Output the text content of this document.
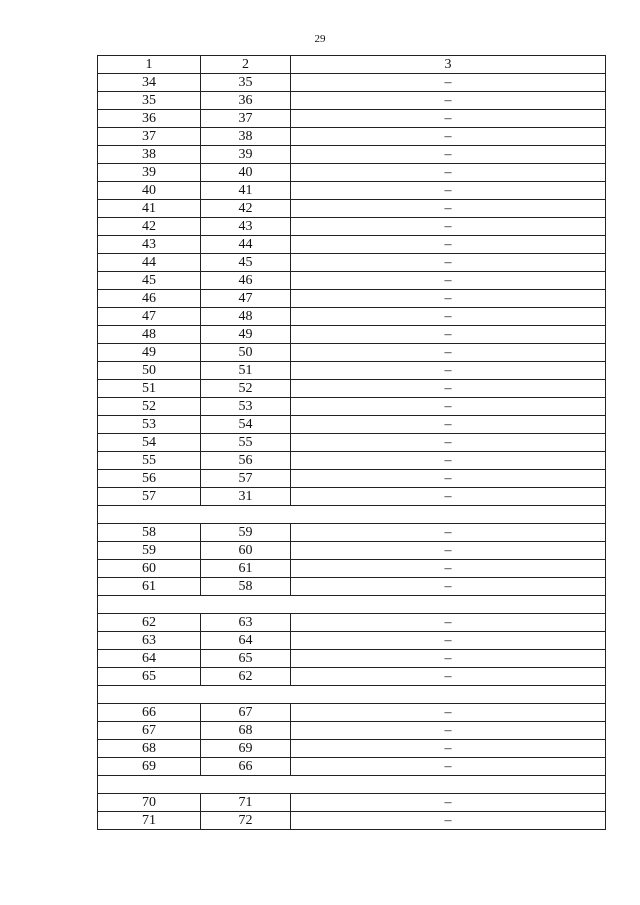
29
1	2	3
34	35	–
35	36	–
36	37	–
37	38	–
38	39	–
39	40	–
40	41	–
41	42	–
42	43	–
43	44	–
44	45	–
45	46	–
46	47	–
47	48	–
48	49	–
49	50	–
50	51	–
51	52	–
52	53	–
53	54	–
54	55	–
55	56	–
56	57	–
57	31	–

58	59	–
59	60	–
60	61	–
61	58	–

62	63	–
63	64	–
64	65	–
65	62	–

66	67	–
67	68	–
68	69	–
69	66	–

70	71	–
71	72	–
